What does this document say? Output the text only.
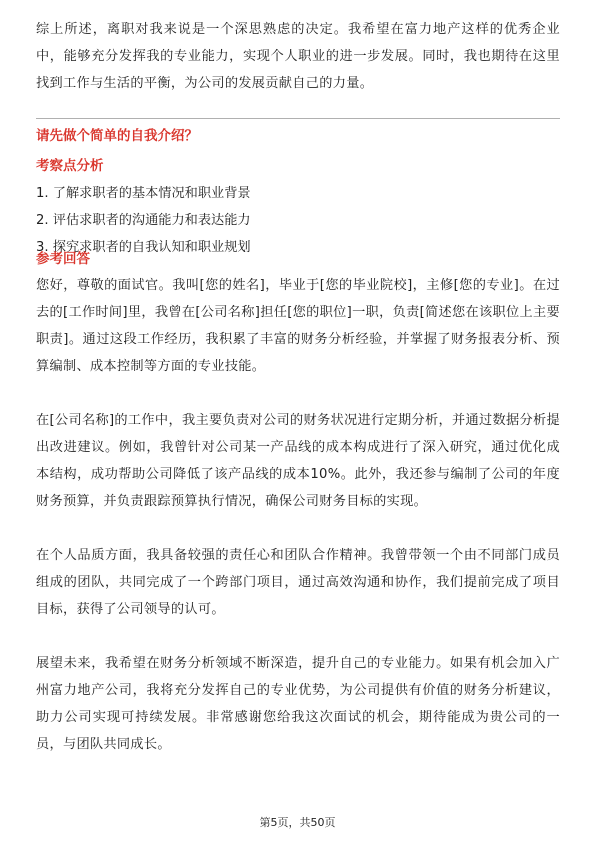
综上所述，离职对我来说是一个深思熟虑的决定。我希望在富力地产这样的优秀企业中，能够充分发挥我的专业能力，实现个人职业的进一步发展。同时，我也期待在这里找到工作与生活的平衡，为公司的发展贡献自己的力量。

请先做个简单的自我介绍？

考察点分析

1. 了解求职者的基本情况和职业背景
2. 评估求职者的沟通能力和表达能力
3. 探究求职者的自我认知和职业规划

参考回答

您好，尊敬的面试官。我叫[您的姓名]，毕业于[您的毕业院校]，主修[您的专业]。在过去的[工作时间]里，我曾在[公司名称]担任[您的职位]一职，负责[简述您在该职位上主要职责]。通过这段工作经历，我积累了丰富的财务分析经验，并掌握了财务报表分析、预算编制、成本控制等方面的专业技能。

在[公司名称]的工作中，我主要负责对公司的财务状况进行定期分析，并通过数据分析提出改进建议。例如，我曾针对公司某一产品线的成本构成进行了深入研究，通过优化成本结构，成功帮助公司降低了该产品线的成本10%。此外，我还参与编制了公司的年度财务预算，并负责跟踪预算执行情况，确保公司财务目标的实现。

在个人品质方面，我具备较强的责任心和团队合作精神。我曾带领一个由不同部门成员组成的团队，共同完成了一个跨部门项目，通过高效沟通和协作，我们提前完成了项目目标，获得了公司领导的认可。

展望未来，我希望在财务分析领域不断深造，提升自己的专业能力。如果有机会加入广州富力地产公司，我将充分发挥自己的专业优势，为公司提供有价值的财务分析建议，助力公司实现可持续发展。非常感谢您给我这次面试的机会，期待能成为贵公司的一员，与团队共同成长。

第5页，共50页
